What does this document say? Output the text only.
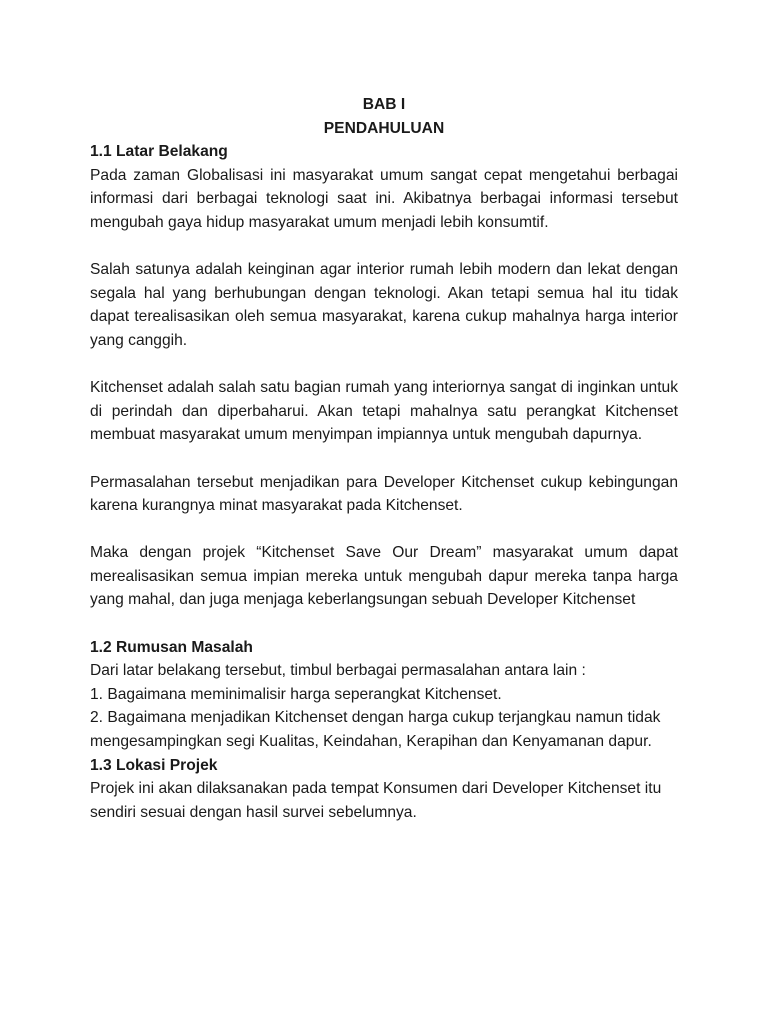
BAB I
PENDAHULUAN
1.1 Latar Belakang

Pada zaman Globalisasi ini masyarakat umum sangat cepat mengetahui berbagai informasi dari berbagai teknologi saat ini. Akibatnya berbagai informasi tersebut mengubah gaya hidup masyarakat umum menjadi lebih konsumtif.

Salah satunya adalah keinginan agar interior rumah lebih modern dan lekat dengan segala hal yang berhubungan dengan teknologi. Akan tetapi semua hal itu tidak dapat terealisasikan oleh semua masyarakat, karena cukup mahalnya harga interior yang canggih.

Kitchenset adalah salah satu bagian rumah yang interiornya sangat di inginkan untuk di perindah dan diperbaharui. Akan tetapi mahalnya satu perangkat Kitchenset membuat masyarakat umum menyimpan impiannya untuk mengubah dapurnya.

Permasalahan tersebut menjadikan para Developer Kitchenset cukup kebingungan karena kurangnya minat masyarakat pada Kitchenset.

Maka dengan projek “Kitchenset Save Our Dream” masyarakat umum dapat merealisasikan semua impian mereka untuk mengubah dapur mereka tanpa harga yang mahal, dan juga menjaga keberlangsungan sebuah Developer Kitchenset

1.2 Rumusan Masalah

Dari latar belakang tersebut, timbul berbagai permasalahan antara lain :

1. Bagaimana meminimalisir harga seperangkat Kitchenset.

2. Bagaimana menjadikan Kitchenset dengan harga cukup terjangkau namun tidak mengesampingkan segi Kualitas, Keindahan, Kerapihan dan Kenyamanan dapur.

1.3 Lokasi Projek

Projek ini akan dilaksanakan pada tempat Konsumen dari Developer Kitchenset itu sendiri sesuai dengan hasil survei sebelumnya.
